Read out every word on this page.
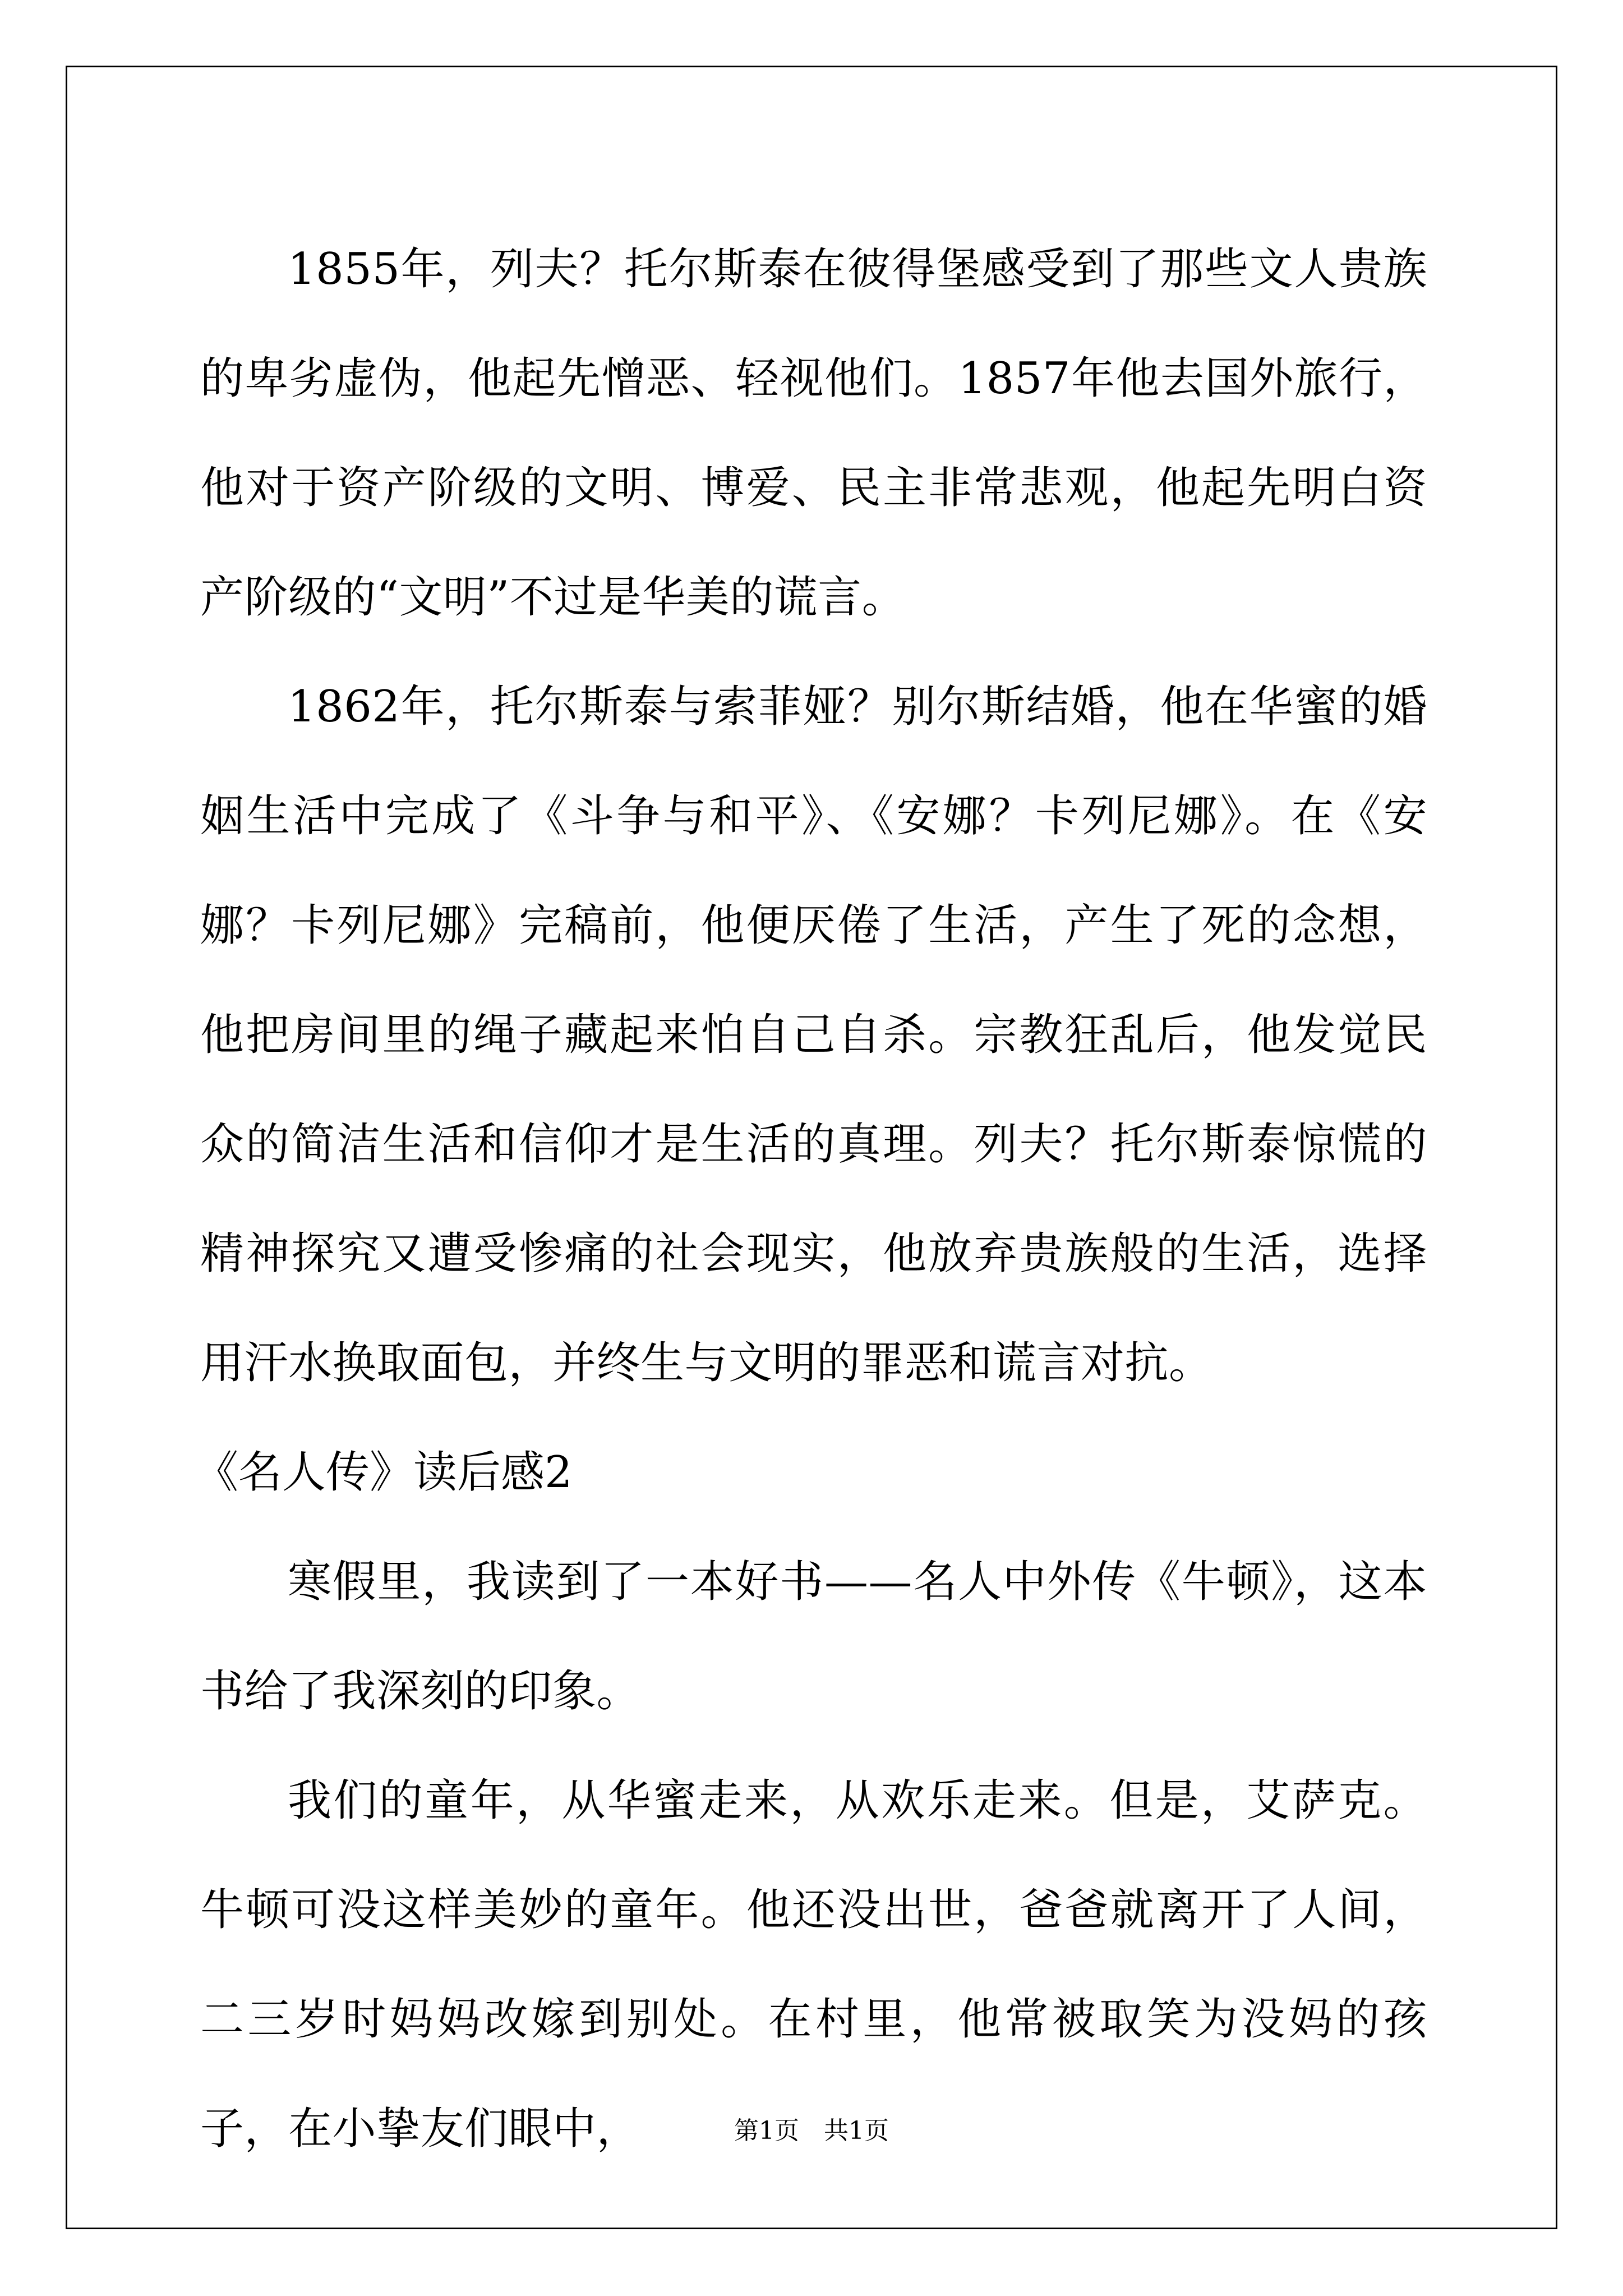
1855年，列夫？托尔斯泰在彼得堡感受到了那些文人贵族的卑劣虚伪，他起先憎恶、轻视他们。1857年他去国外旅行，他对于资产阶级的文明、博爱、民主非常悲观，他起先明白资产阶级的“文明”不过是华美的谎言。

1862年，托尔斯泰与索菲娅？别尔斯结婚，他在华蜜的婚姻生活中完成了《斗争与和平》、《安娜？卡列尼娜》。在《安娜？卡列尼娜》完稿前，他便厌倦了生活，产生了死的念想，他把房间里的绳子藏起来怕自己自杀。宗教狂乱后，他发觉民众的简洁生活和信仰才是生活的真理。列夫？托尔斯泰惊慌的精神探究又遭受惨痛的社会现实，他放弃贵族般的生活，选择用汗水换取面包，并终生与文明的罪恶和谎言对抗。

《名人传》读后感2

寒假里，我读到了一本好书——名人中外传《牛顿》，这本书给了我深刻的印象。

我们的童年，从华蜜走来，从欢乐走来。但是，艾萨克。牛顿可没这样美妙的童年。他还没出世，爸爸就离开了人间，二三岁时妈妈改嫁到别处。在村里，他常被取笑为没妈的孩子，在小挚友们眼中，	第1页　共1页
